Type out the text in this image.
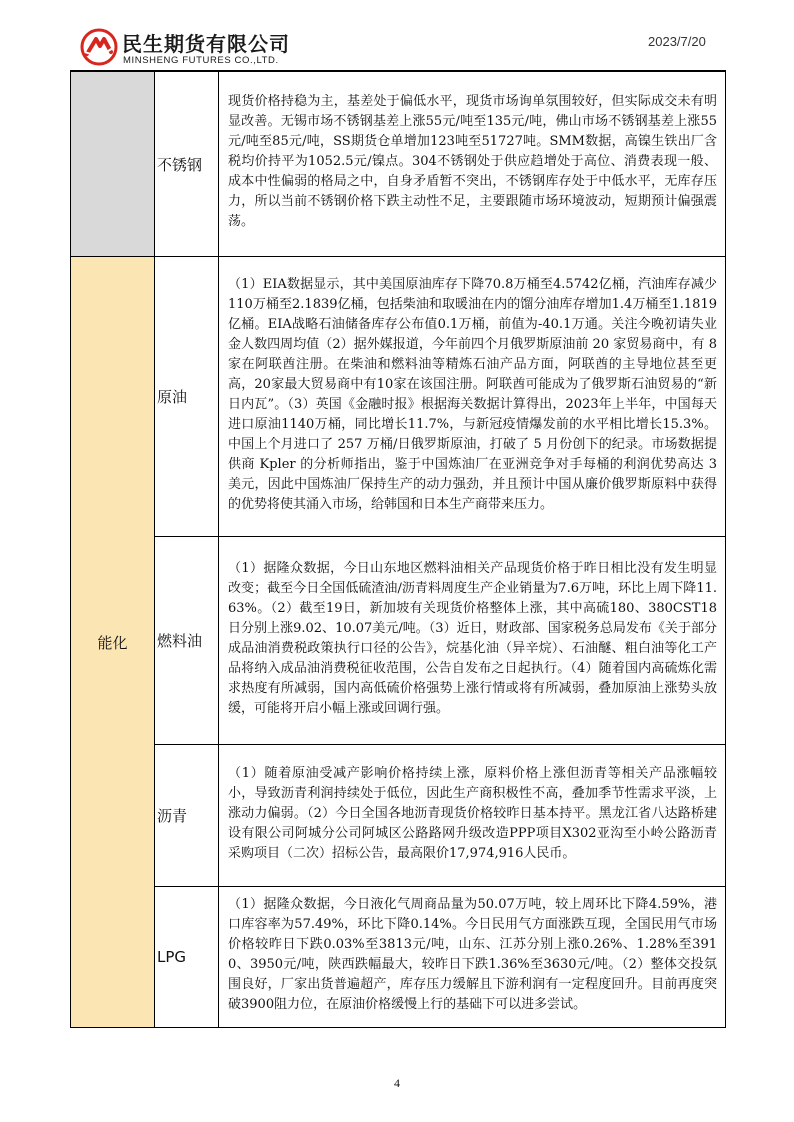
民生期货有限公司
MINSHENG FUTURES CO.,LTD.
2023/7/20
	不锈钢	现货价格持稳为主，基差处于偏低水平，现货市场询单氛围较好，但实际成交未有明显改善。无锡市场不锈钢基差上涨55元/吨至135元/吨，佛山市场不锈钢基差上涨55元/吨至85元/吨，SS期货仓单增加123吨至51727吨。SMM数据，高镍生铁出厂含税均价持平为1052.5元/镍点。304不锈钢处于供应趋增处于高位、消费表现一般、成本中性偏弱的格局之中，自身矛盾暂不突出，不锈钢库存处于中低水平，无库存压力，所以当前不锈钢价格下跌主动性不足，主要跟随市场环境波动，短期预计偏强震荡。
能化	原油	（1）EIA数据显示，其中美国原油库存下降70.8万桶至4.5742亿桶，汽油库存减少110万桶至2.1839亿桶，包括柴油和取暖油在内的馏分油库存增加1.4万桶至1.1819亿桶。EIA战略石油储备库存公布值0.1万桶，前值为-40.1万通。关注今晚初请失业金人数四周均值（2）据外媒报道，今年前四个月俄罗斯原油前 20 家贸易商中，有 8 家在阿联酋注册。在柴油和燃料油等精炼石油产品方面，阿联酋的主导地位甚至更高，20家最大贸易商中有10家在该国注册。阿联酋可能成为了俄罗斯石油贸易的“新日内瓦”。（3）英国《金融时报》根据海关数据计算得出，2023年上半年，中国每天进口原油1140万桶，同比增长11.7%，与新冠疫情爆发前的水平相比增长15.3%。中国上个月进口了 257 万桶/日俄罗斯原油，打破了 5 月份创下的纪录。市场数据提供商 Kpler 的分析师指出，鉴于中国炼油厂在亚洲竞争对手每桶的利润优势高达 3 美元，因此中国炼油厂保持生产的动力强劲，并且预计中国从廉价俄罗斯原料中获得的优势将使其涌入市场，给韩国和日本生产商带来压力。
	燃料油	（1）据隆众数据，今日山东地区燃料油相关产品现货价格于昨日相比没有发生明显改变；截至今日全国低硫渣油/沥青料周度生产企业销量为7.6万吨，环比上周下降11.63%。（2）截至19日，新加坡有关现货价格整体上涨，其中高硫180、380CST18日分别上涨9.02、10.07美元/吨。（3）近日，财政部、国家税务总局发布《关于部分成品油消费税政策执行口径的公告》，烷基化油（异辛烷）、石油醚、粗白油等化工产品将纳入成品油消费税征收范围，公告自发布之日起执行。（4）随着国内高硫炼化需求热度有所减弱，国内高低硫价格强势上涨行情或将有所减弱，叠加原油上涨势头放缓，可能将开启小幅上涨或回调行强。
	沥青	（1）随着原油受减产影响价格持续上涨，原料价格上涨但沥青等相关产品涨幅较小，导致沥青利润持续处于低位，因此生产商积极性不高，叠加季节性需求平淡，上涨动力偏弱。（2）今日全国各地沥青现货价格较昨日基本持平。黑龙江省八达路桥建设有限公司阿城分公司阿城区公路路网升级改造PPP项目X302亚沟至小岭公路沥青采购项目（二次）招标公告，最高限价17,974,916人民币。
	LPG	（1）据隆众数据，今日液化气周商品量为50.07万吨，较上周环比下降4.59%，港口库容率为57.49%，环比下降0.14%。今日民用气方面涨跌互现，全国民用气市场价格较昨日下跌0.03%至3813元/吨，山东、江苏分别上涨0.26%、1.28%至3910、3950元/吨，陕西跌幅最大，较昨日下跌1.36%至3630元/吨。（2）整体交投氛围良好，厂家出货普遍超产，库存压力缓解且下游利润有一定程度回升。目前再度突破3900阻力位，在原油价格缓慢上行的基础下可以进多尝试。
4
